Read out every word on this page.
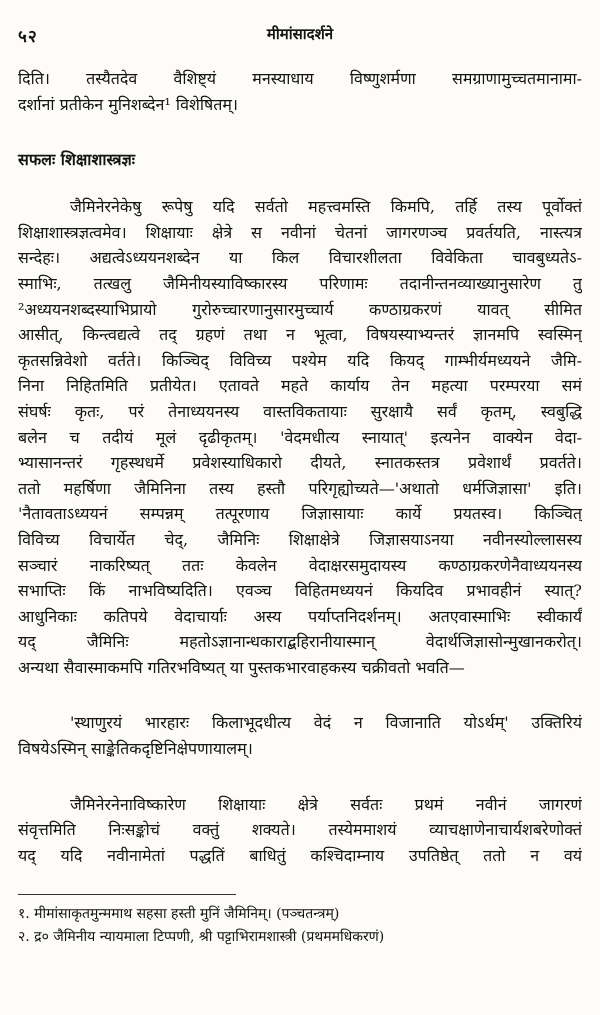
५२	मीमांसादर्शने
दिति। तस्यैतदेव वैशिष्ट्यं मनस्याधाय विष्णुशर्मणा समग्राणामुच्चतमानामा-
दर्शानां प्रतीकेन मुनिशब्देन¹ विशेषितम्।
सफलः शिक्षाशास्त्रज्ञः
जैमिनेरनेकेषु रूपेषु यदि सर्वतो महत्त्वमस्ति किमपि, तर्हि तस्य पूर्वोक्तं
शिक्षाशास्त्रज्ञत्वमेव। शिक्षायाः क्षेत्रे स नवीनां चेतनां जागरणञ्च प्रवर्तयति, नास्त्यत्र
सन्देहः। अद्यत्वेऽध्ययनशब्देन या किल विचारशीलता विवेकिता चावबुध्यतेऽ-
स्माभिः, तत्खलु जैमिनीयस्याविष्कारस्य परिणामः तदानीन्तनव्याख्यानुसारेण तु
²अध्ययनशब्दस्याभिप्रायो गुरोरुच्चारणानुसारमुच्चार्य कण्ठाग्रकरणं यावत् सीमित
आसीत्, किन्त्वद्यत्वे तद् ग्रहणं तथा न भूत्वा, विषयस्याभ्यन्तरं ज्ञानमपि स्वस्मिन्
कृतसन्निवेशो वर्तते। किञ्चिद् विविच्य पश्येम यदि कियद् गाम्भीर्यमध्ययने जैमि-
निना निहितमिति प्रतीयेत। एतावते महते कार्याय तेन महत्या परम्परया समं
संघर्षः कृतः, परं तेनाध्ययनस्य वास्तविकतायाः सुरक्षायै सर्वं कृतम्, स्वबुद्धि
बलेन च तदीयं मूलं दृढीकृतम्। 'वेदमधीत्य स्नायात्' इत्यनेन वाक्येन वेदा-
भ्यासानन्तरं गृहस्थधर्मे प्रवेशस्याधिकारो दीयते, स्नातकस्तत्र प्रवेशार्थं प्रवर्तते।
ततो महर्षिणा जैमिनिना तस्य हस्तौ परिगृह्योच्यते—'अथातो धर्मजिज्ञासा' इति।
'नैतावताऽध्ययनं सम्पन्नम् तत्पूरणाय जिज्ञासायाः कार्ये प्रयतस्व। किञ्चित्
विविच्य विचार्येत चेद्, जैमिनिः शिक्षाक्षेत्रे जिज्ञासयाऽनया नवीनस्योल्लासस्य
सञ्चारं नाकरिष्यत् ततः केवलेन वेदाक्षरसमुदायस्य कण्ठाग्रकरणेनैवाध्ययनस्य
सभाप्तिः किं नाभविष्यदिति। एवञ्च विहितमध्ययनं कियदिव प्रभावहीनं स्यात्?
आधुनिकाः कतिपये वेदाचार्याः अस्य पर्याप्तनिदर्शनम्। अतएवास्माभिः स्वीकार्यं
यद् जैमिनिः महतोऽज्ञानान्धकाराद्बहिरानीयास्मान् वेदार्थजिज्ञासोन्मुखानकरोत्।
अन्यथा सैवास्माकमपि गतिरभविष्यत् या पुस्तकभारवाहकस्य चक्रीवतो भवति—
'स्थाणुरयं भारहारः किलाभूदधीत्य वेदं न विजानाति योऽर्थम्' उक्तिरियं
विषयेऽस्मिन् साङ्केतिकदृष्टिनिक्षेपणायालम्।
जैमिनेरनेनाविष्कारेण शिक्षायाः क्षेत्रे सर्वतः प्रथमं नवीनं जागरणं
संवृत्तमिति निःसङ्कोचं वक्तुं शक्यते। तस्येममाशयं व्याचक्षाणेनाचार्यशबरेणोक्तं
यद् यदि नवीनामेतां पद्धतिं बाधितुं कश्चिदाम्नाय उपतिष्ठेत् ततो न वयं
१. मीमांसाकृतमुन्ममाथ सहसा हस्ती मुनिं जैमिनिम्। (पञ्चतन्त्रम्)
२. द्र० जैमिनीय न्यायमाला टिप्पणी, श्री पट्टाभिरामशास्त्री (प्रथममधिकरणं)
